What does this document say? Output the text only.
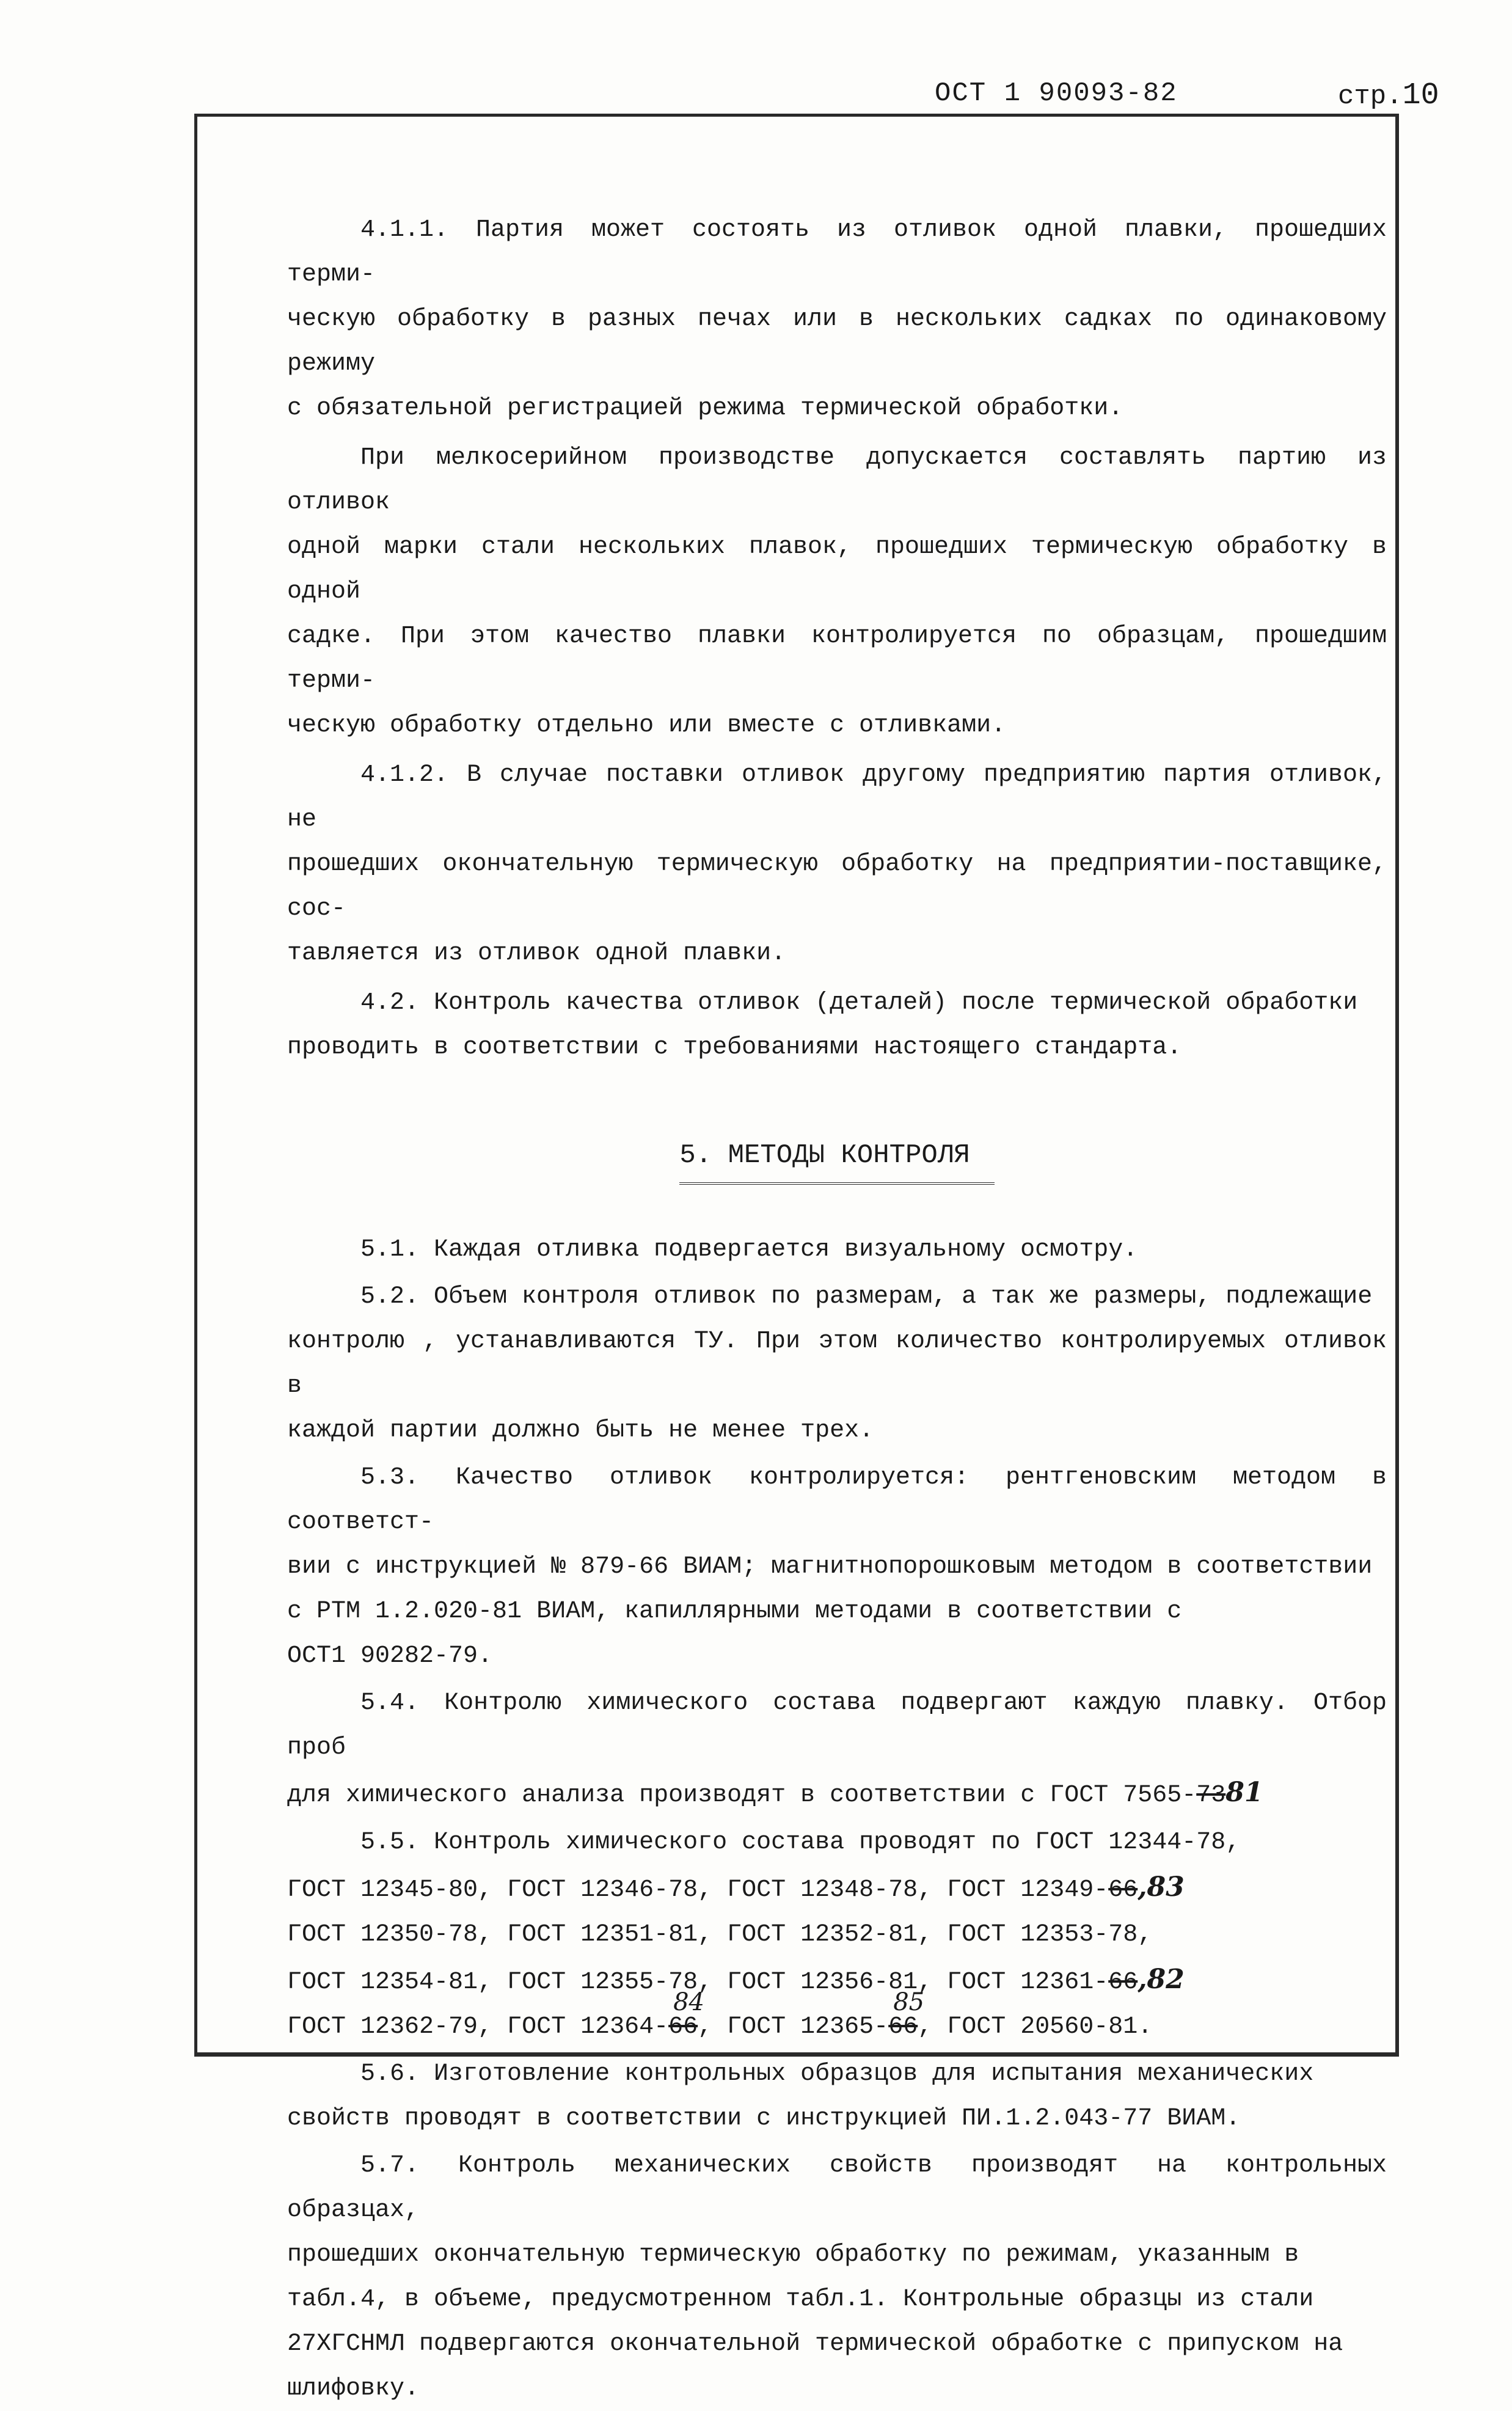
ОСТ 1 90093-82	стр.10

4.1.1. Партия может состоять из отливок одной плавки, прошедших терми-

ческую обработку в разных печах или в нескольких садках по одинаковому режиму

с обязательной регистрацией режима термической обработки.

При мелкосерийном производстве допускается составлять партию из отливок

одной марки стали нескольких плавок, прошедших термическую обработку в одной

садке. При этом качество плавки контролируется по образцам, прошедшим терми-

ческую обработку отдельно или вместе с отливками.

4.1.2. В случае поставки отливок другому предприятию партия отливок, не

прошедших окончательную термическую обработку на предприятии-поставщике, сос-

тавляется из отливок одной плавки.

4.2. Контроль качества отливок (деталей) после термической обработки

проводить в соответствии с требованиями настоящего стандарта.

5. МЕТОДЫ КОНТРОЛЯ

5.1. Каждая отливка подвергается визуальному осмотру.

5.2. Объем контроля отливок по размерам, а так же размеры, подлежащие

контролю , устанавливаются ТУ. При этом количество контролируемых отливок в

каждой партии должно быть не менее трех.

5.3. Качество отливок контролируется: рентгеновским методом в соответст-

вии с инструкцией № 879-66 ВИАМ; магнитнопорошковым методом в соответствии

с РТМ 1.2.020-81 ВИАМ, капиллярными методами в соответствии с

ОСТ1 90282-79.

5.4. Контролю химического состава подвергают каждую плавку. Отбор проб

для химического анализа производят в соответствии с ГОСТ 7565-7381

5.5. Контроль химического состава проводят по ГОСТ 12344-78,

ГОСТ 12345-80, ГОСТ 12346-78, ГОСТ 12348-78, ГОСТ 12349-66,83

ГОСТ 12350-78, ГОСТ 12351-81, ГОСТ 12352-81, ГОСТ 12353-78,

ГОСТ 12354-81, ГОСТ 12355-78, ГОСТ 12356-81, ГОСТ 12361-66,82

ГОСТ 12362-79, ГОСТ 12364-66
84
, ГОСТ 12365-66
85
, ГОСТ 20560-81.

5.6. Изготовление контрольных образцов для испытания механических

свойств проводят в соответствии с инструкцией ПИ.1.2.043-77 ВИАМ.

5.7. Контроль механических свойств производят на контрольных образцах,

прошедших окончательную термическую обработку по режимам, указанным в

табл.4, в объеме, предусмотренном табл.1. Контрольные образцы из стали

27ХГСНМЛ подвергаются окончательной термической обработке с припуском на

шлифовку.
